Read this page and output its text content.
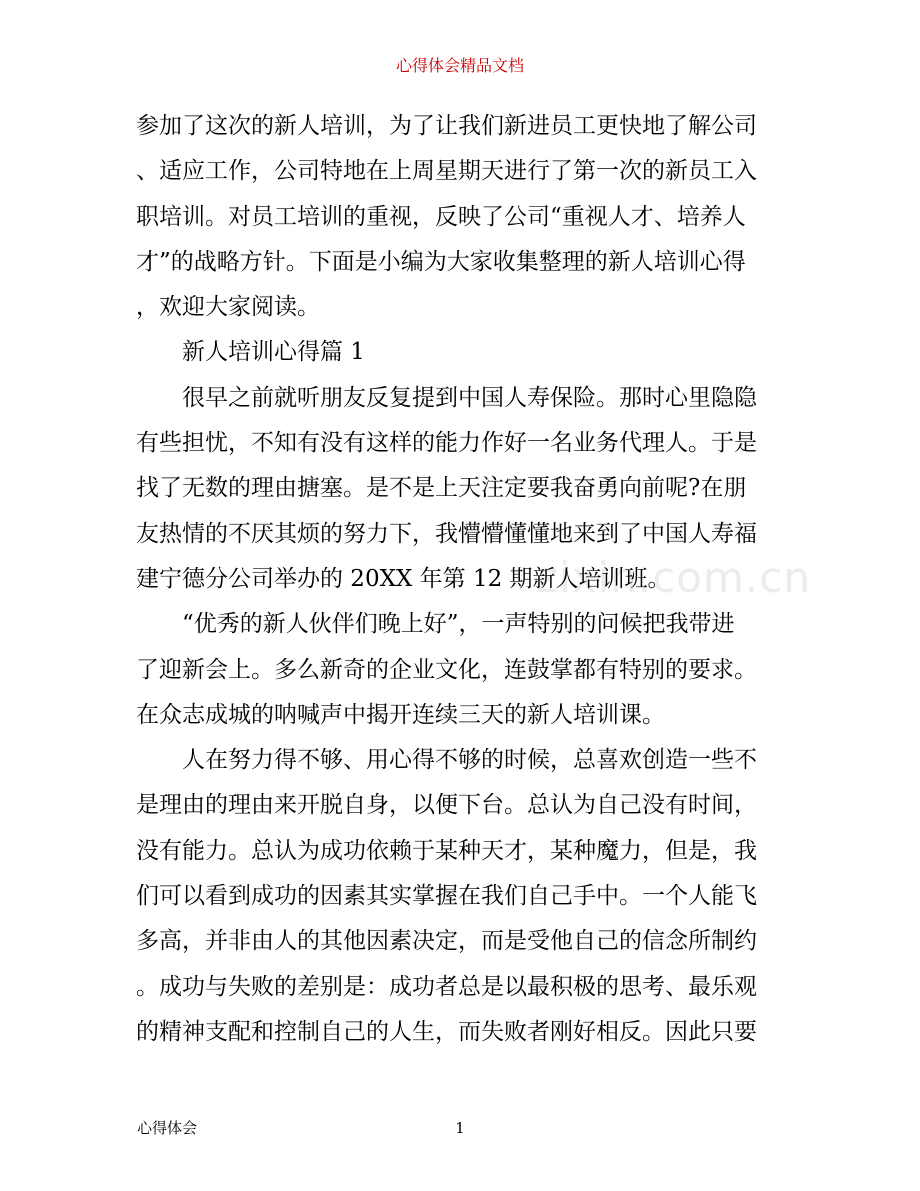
心得体会精品文档
zixin.com.cn

参加了这次的新人培训，为了让我们新进员工更快地了解公司
、适应工作，公司特地在上周星期天进行了第一次的新员工入
职培训。对员工培训的重视，反映了公司“重视人才、培养人
才”的战略方针。下面是小编为大家收集整理的新人培训心得
，欢迎大家阅读。

新人培训心得篇 1

很早之前就听朋友反复提到中国人寿保险。那时心里隐隐
有些担忧，不知有没有这样的能力作好一名业务代理人。于是
找了无数的理由搪塞。是不是上天注定要我奋勇向前呢?在朋
友热情的不厌其烦的努力下，我懵懵懂懂地来到了中国人寿福
建宁德分公司举办的 20XX 年第 12 期新人培训班。

“优秀的新人伙伴们晚上好”，一声特别的问候把我带进
了迎新会上。多么新奇的企业文化，连鼓掌都有特别的要求。
在众志成城的呐喊声中揭开连续三天的新人培训课。

人在努力得不够、用心得不够的时候，总喜欢创造一些不
是理由的理由来开脱自身，以便下台。总认为自己没有时间，
没有能力。总认为成功依赖于某种天才，某种魔力，但是，我
们可以看到成功的因素其实掌握在我们自己手中。一个人能飞
多高，并非由人的其他因素决定，而是受他自己的信念所制约
。成功与失败的差别是：成功者总是以最积极的思考、最乐观
的精神支配和控制自己的人生，而失败者刚好相反。因此只要

心得体会	1
